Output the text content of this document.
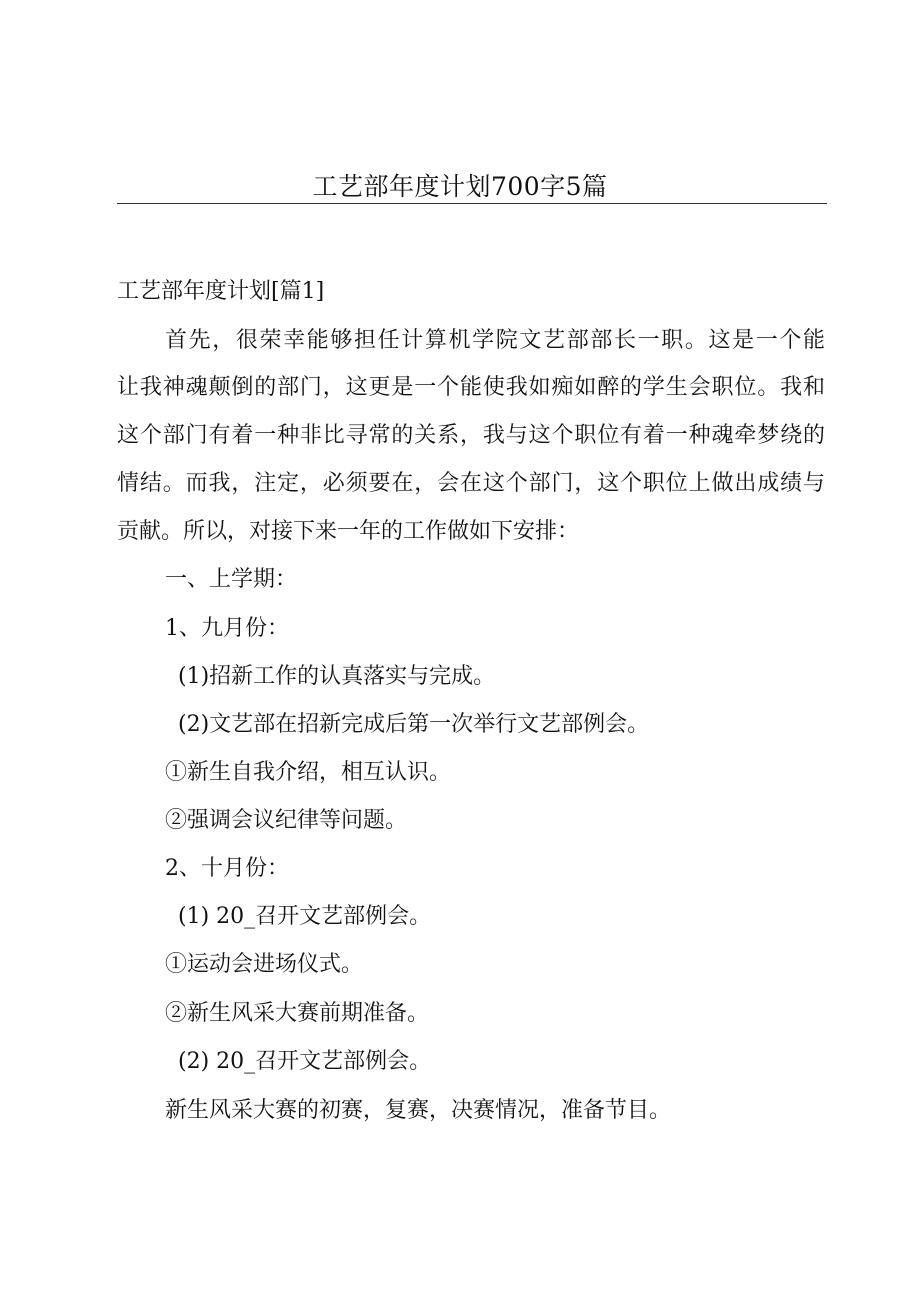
工艺部年度计划700字5篇
工艺部年度计划[篇1]
首先，很荣幸能够担任计算机学院文艺部部长一职。这是一个能
让我神魂颠倒的部门，这更是一个能使我如痴如醉的学生会职位。我和
这个部门有着一种非比寻常的关系，我与这个职位有着一种魂牵梦绕的
情结。而我，注定，必须要在，会在这个部门，这个职位上做出成绩与
贡献。所以，对接下来一年的工作做如下安排：
一、上学期：
1、九月份：
(1)招新工作的认真落实与完成。
(2)文艺部在招新完成后第一次举行文艺部例会。
①新生自我介绍，相互认识。
②强调会议纪律等问题。
2、十月份：
(1) 20_召开文艺部例会。
①运动会进场仪式。
②新生风采大赛前期准备。
(2) 20_召开文艺部例会。
新生风采大赛的初赛，复赛，决赛情况，准备节目。
